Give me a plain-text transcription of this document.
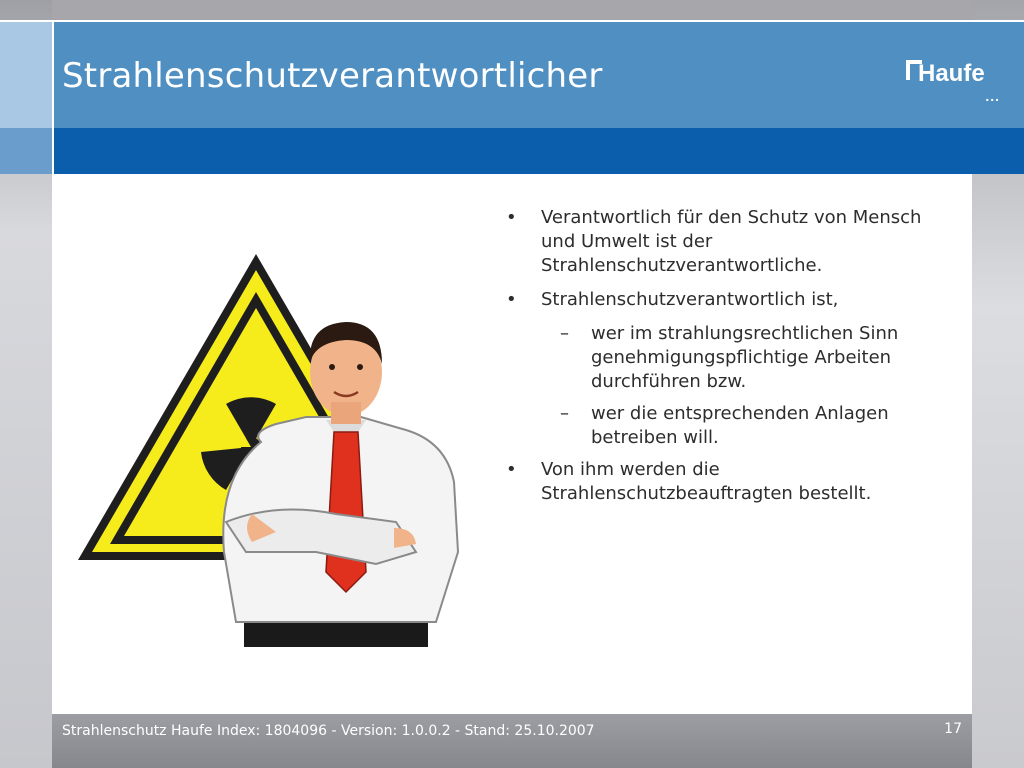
Strahlenschutzverantwortlicher	Haufe
...
• Verantwortlich für den Schutz von Mensch und Umwelt ist der Strahlenschutzverantwortliche.
• Strahlenschutzverantwortlich ist,
– wer im strahlungsrechtlichen Sinn genehmigungspflichtige Arbeiten durchführen bzw.
– wer die entsprechenden Anlagen betreiben will.
• Von ihm werden die Strahlenschutzbeauftragten bestellt.
Strahlenschutz Haufe Index: 1804096 - Version: 1.0.0.2 - Stand: 25.10.2007	17
